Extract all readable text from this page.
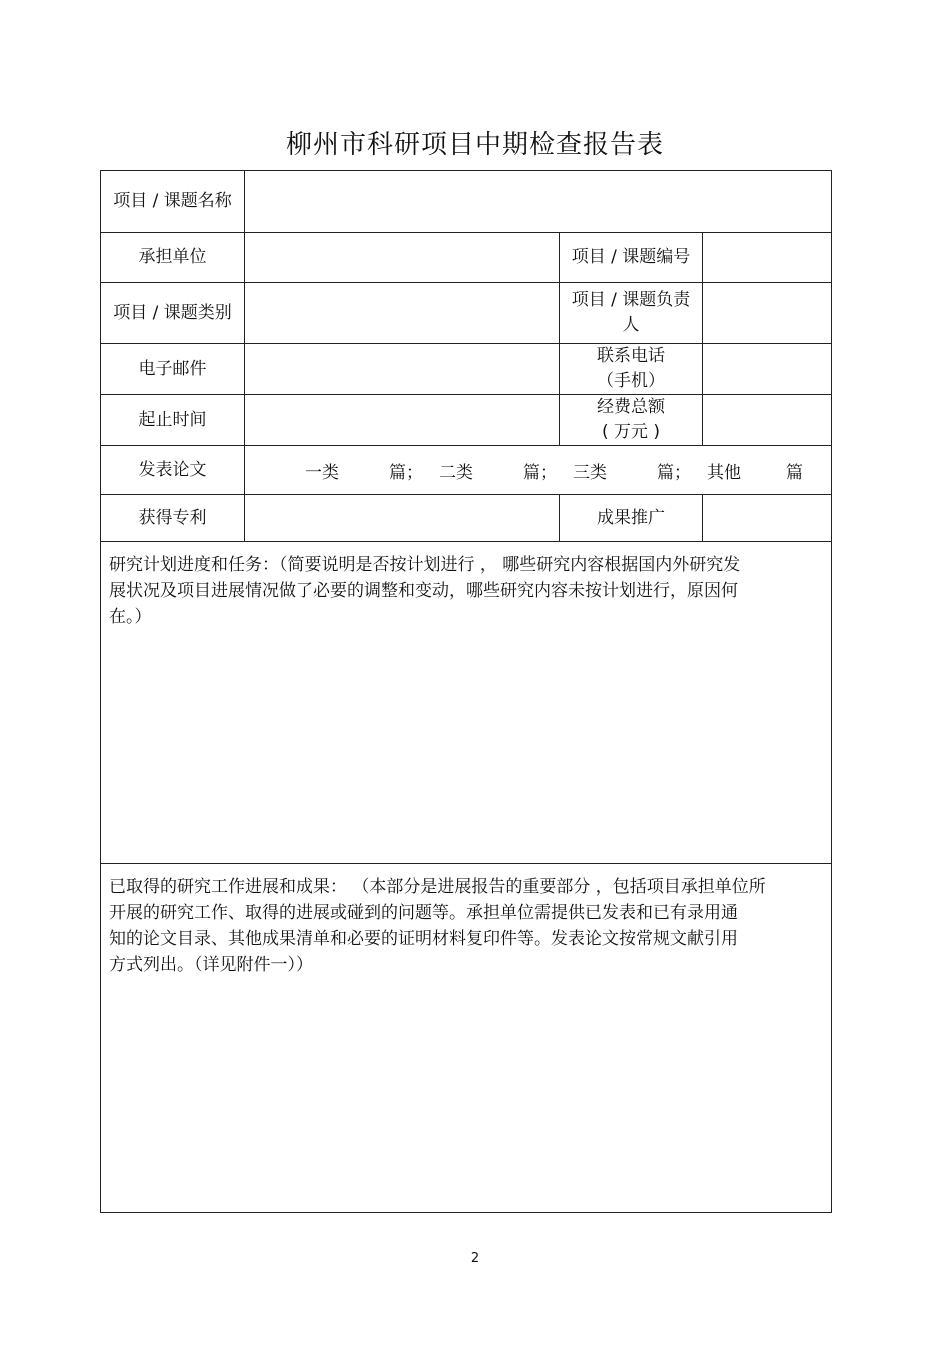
柳州市科研项目中期检查报告表
项目 / 课题名称			
承担单位		项目 / 课题编号	
项目 / 课题类别		项目 / 课题负责
人	

电子邮件		联系电话
（手机）	

起止时间		经费总额
( 万元 )	

发表论文	一类 篇； 二类 篇； 三类 篇； 其他 篇		

获得专利		成果推广	

研究计划进度和任务：（简要说明是否按计划进行 ， 哪些研究内容根据国内外研究发
展状况及项目进展情况做了必要的调整和变动，哪些研究内容未按计划进行，原因何
在。）			

已取得的研究工作进展和成果： （本部分是进展报告的重要部分 ，包括项目承担单位所
开展的研究工作、取得的进展或碰到的问题等。承担单位需提供已发表和已有录用通
知的论文目录、其他成果清单和必要的证明材料复印件等。发表论文按常规文献引用
方式列出。（详见附件一））			
2
